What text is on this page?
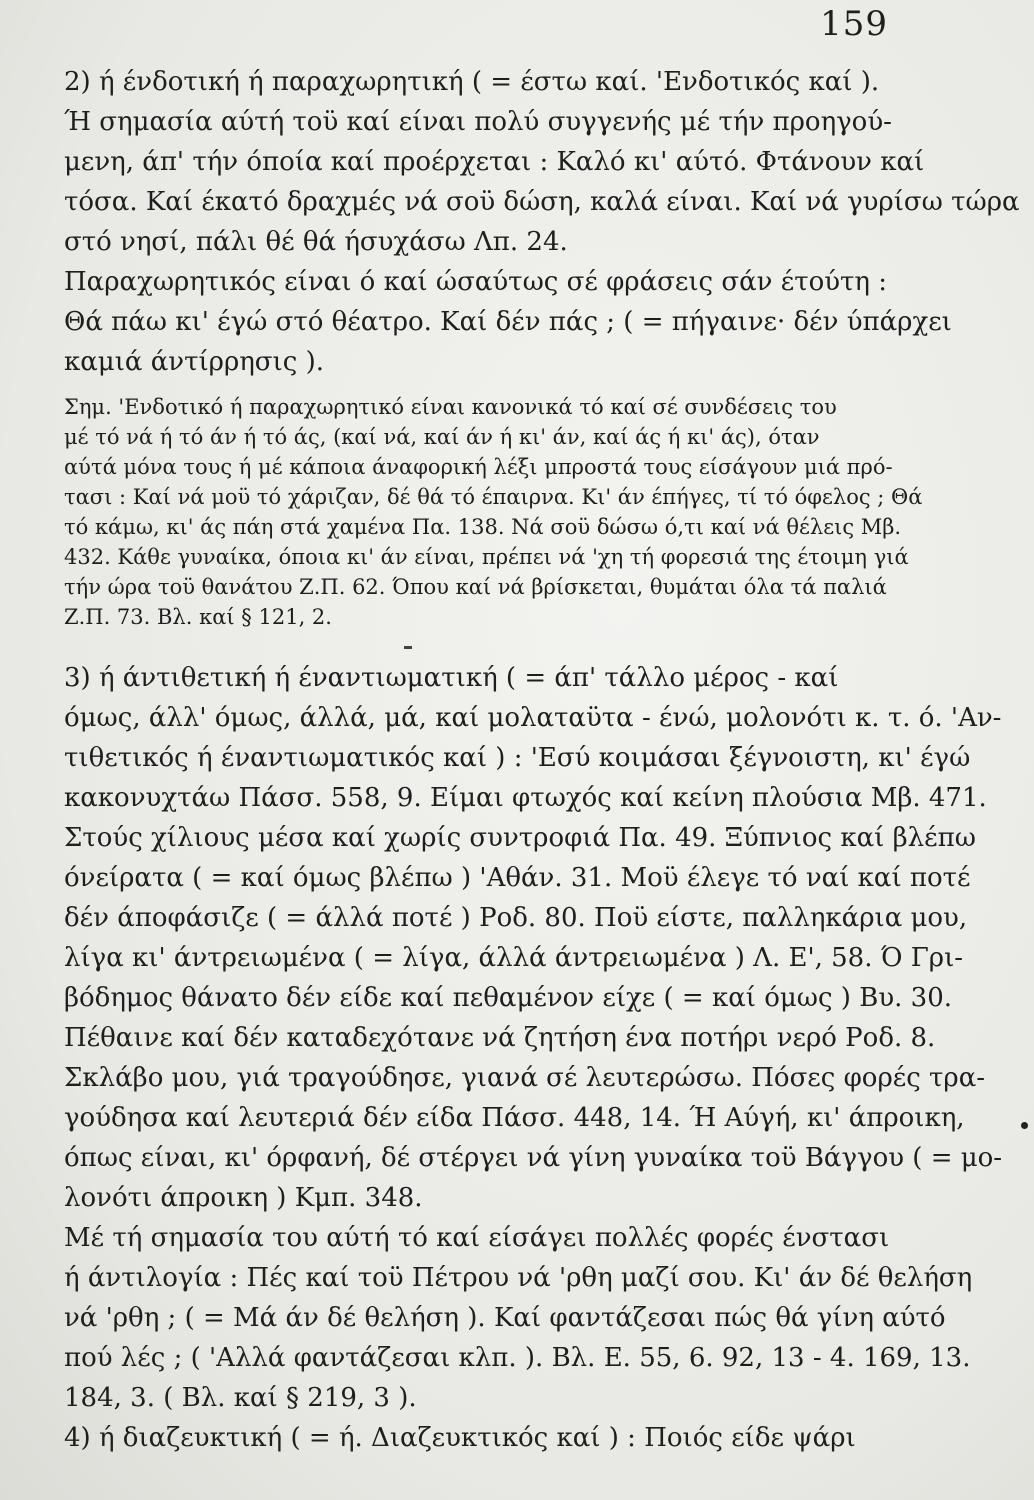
159
2) ή ένδοτική ή παραχωρητική ( = έστω καί. 'Ενδοτικός καί ).
Ή σημασία αύτή τοϋ καί είναι πολύ συγγενής μέ τήν προηγού-
μενη, άπ' τήν όποία καί προέρχεται : Καλό κι' αύτό. Φτάνουν καί
τόσα. Καί έκατό δραχμές νά σοϋ δώση, καλά είναι. Καί νά γυρίσω τώρα
στό νησί, πάλι θέ θά ήσυχάσω Λπ. 24.
Παραχωρητικός είναι ό καί ώσαύτως σέ φράσεις σάν έτούτη :
Θά πάω κι' έγώ στό θέατρο. Καί δέν πάς ; ( = πήγαινε· δέν ύπάρχει
καμιά άντίρρησις ).
Σημ. 'Ενδοτικό ή παραχωρητικό είναι κανονικά τό καί σέ συνδέσεις του
μέ τό νά ή τό άν ή τό άς, (καί νά, καί άν ή κι' άν, καί άς ή κι' άς), όταν
αύτά μόνα τους ή μέ κάποια άναφορική λέξι μπροστά τους είσάγουν μιά πρό-
τασι : Καί νά μοϋ τό χάριζαν, δέ θά τό έπαιρνα. Κι' άν έπήγες, τί τό όφελος ; Θά
τό κάμω, κι' άς πάη στά χαμένα Πα. 138. Νά σοϋ δώσω ό,τι καί νά θέλεις Μβ.
432. Κάθε γυναίκα, όποια κι' άν είναι, πρέπει νά 'χη τή φορεσιά της έτοιμη γιά
τήν ώρα τοϋ θανάτου Ζ.Π. 62. Όπου καί νά βρίσκεται, θυμάται όλα τά παλιά
Ζ.Π. 73. Βλ. καί § 121, 2.
3) ή άντιθετική ή έναντιωματική ( = άπ' τάλλο μέρος - καί
όμως, άλλ' όμως, άλλά, μά, καί μολαταϋτα - ένώ, μολονότι κ. τ. ό. 'Αν-
τιθετικός ή έναντιωματικός καί ) : 'Εσύ κοιμάσαι ξέγνοιστη, κι' έγώ
κακονυχτάω Πάσσ. 558, 9. Είμαι φτωχός καί κείνη πλούσια Μβ. 471.
Στούς χίλιους μέσα καί χωρίς συντροφιά Πα. 49. Ξύπνιος καί βλέπω
όνείρατα ( = καί όμως βλέπω ) 'Αθάν. 31. Μοϋ έλεγε τό ναί καί ποτέ
δέν άποφάσιζε ( = άλλά ποτέ ) Ροδ. 80. Ποϋ είστε, παλληκάρια μου,
λίγα κι' άντρειωμένα ( = λίγα, άλλά άντρειωμένα ) Λ. Ε', 58. Ό Γρι-
βόδημος θάνατο δέν είδε καί πεθαμένον είχε ( = καί όμως ) Βυ. 30.
Πέθαινε καί δέν καταδεχότανε νά ζητήση ένα ποτήρι νερό Ροδ. 8.
Σκλάβο μου, γιά τραγούδησε, γιανά σέ λευτερώσω. Πόσες φορές τρα-
γούδησα καί λευτεριά δέν είδα Πάσσ. 448, 14. Ή Αύγή, κι' άπροικη,
όπως είναι, κι' όρφανή, δέ στέργει νά γίνη γυναίκα τοϋ Βάγγου ( = μο-
λονότι άπροικη ) Κμπ. 348.
Μέ τή σημασία του αύτή τό καί είσάγει πολλές φορές ένστασι
ή άντιλογία : Πές καί τοϋ Πέτρου νά 'ρθη μαζί σου. Κι' άν δέ θελήση
νά 'ρθη ; ( = Μά άν δέ θελήση ). Καί φαντάζεσαι πώς θά γίνη αύτό
πού λές ; ( 'Αλλά φαντάζεσαι κλπ. ). Βλ. Ε. 55, 6. 92, 13 - 4. 169, 13.
184, 3. ( Βλ. καί § 219, 3 ).
4) ή διαζευκτική ( = ή. Διαζευκτικός καί ) : Ποιός είδε ψάρι
